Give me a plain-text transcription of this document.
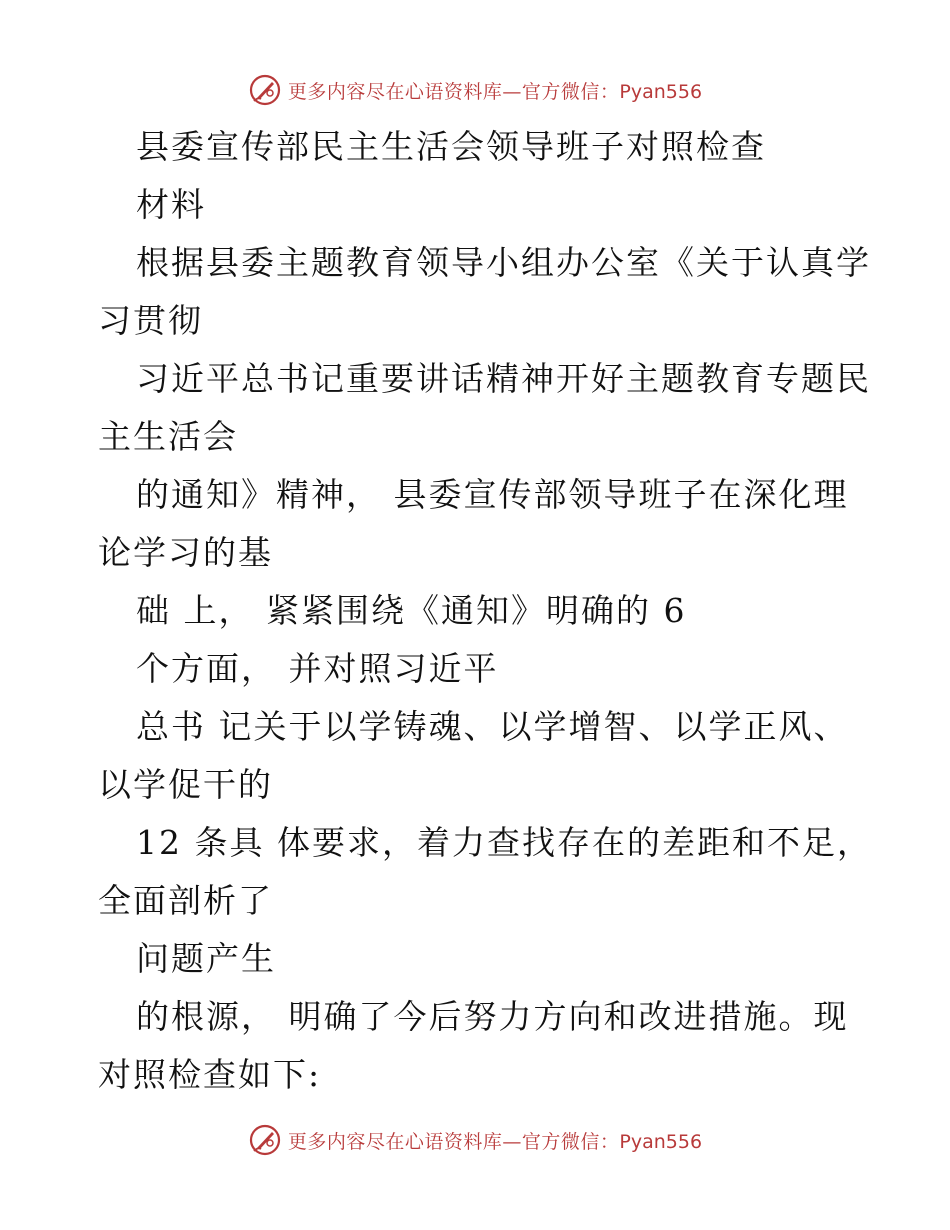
更多内容尽在心语资料库—官方微信：Pyan556
县委宣传部民主生活会领导班子对照检查
材料
根据县委主题教育领导小组办公室《关于认真学
习贯彻
习近平总书记重要讲话精神开好主题教育专题民
主生活会
的通知》精神， 县委宣传部领导班子在深化理
论学习的基
础 上， 紧紧围绕《通知》明确的 6
个方面， 并对照习近平
总书 记关于以学铸魂、以学增智、以学正风、
以学促干的
12 条具 体要求，着力查找存在的差距和不足，
全面剖析了
问题产生
的根源， 明确了今后努力方向和改进措施。现
对照检查如下:
更多内容尽在心语资料库—官方微信：Pyan556
